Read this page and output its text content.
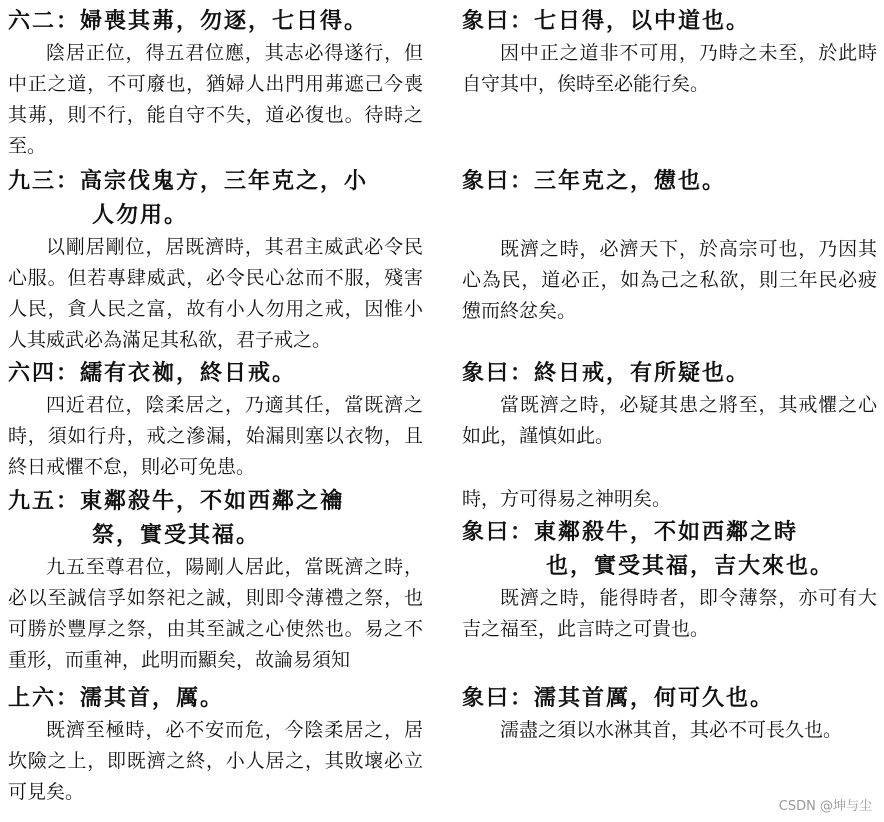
六二：婦喪其茀，勿逐，七日得。

陰居正位，得五君位應，其志必得遂行，但中正之道，不可廢也，猶婦人出門用茀遮己今喪其茀，則不行，能自守不失，道必復也。待時之至。

九三：高宗伐鬼方，三年克之，小
人勿用。

以剛居剛位，居既濟時，其君主威武必令民心服。但若專肆威武，必令民心忿而不服，殘害人民，貪人民之富，故有小人勿用之戒，因惟小人其威武必為滿足其私欲，君子戒之。

六四：繻有衣袽，終日戒。

四近君位，陰柔居之，乃適其任，當既濟之時，須如行舟，戒之滲漏，始漏則塞以衣物，且終日戒懼不怠，則必可免患。

九五：東鄰殺牛，不如西鄰之禴
祭，實受其福。

九五至尊君位，陽剛人居此，當既濟之時，必以至誠信孚如祭祀之誠，則即令薄禮之祭，也可勝於豐厚之祭，由其至誠之心使然也。易之不重形，而重神，此明而顯矣，故論易須知

上六：濡其首，厲。

既濟至極時，必不安而危，今陰柔居之，居坎險之上，即既濟之終，小人居之，其敗壞必立可見矣。

象曰：七日得，以中道也。

因中正之道非不可用，乃時之未至，於此時自守其中，俟時至必能行矣。

象曰：三年克之，憊也。

既濟之時，必濟天下，於高宗可也，乃因其心為民，道必正，如為己之私欲，則三年民必疲憊而終忿矣。

象曰：終日戒，有所疑也。

當既濟之時，必疑其患之將至，其戒懼之心如此，謹慎如此。

時，方可得易之神明矣。

象曰：東鄰殺牛，不如西鄰之時
也，實受其福，吉大來也。

既濟之時，能得時者，即令薄祭，亦可有大吉之福至，此言時之可貴也。

象曰：濡其首厲，何可久也。

濡盡之須以水淋其首，其必不可長久也。

CSDN @坤与尘
